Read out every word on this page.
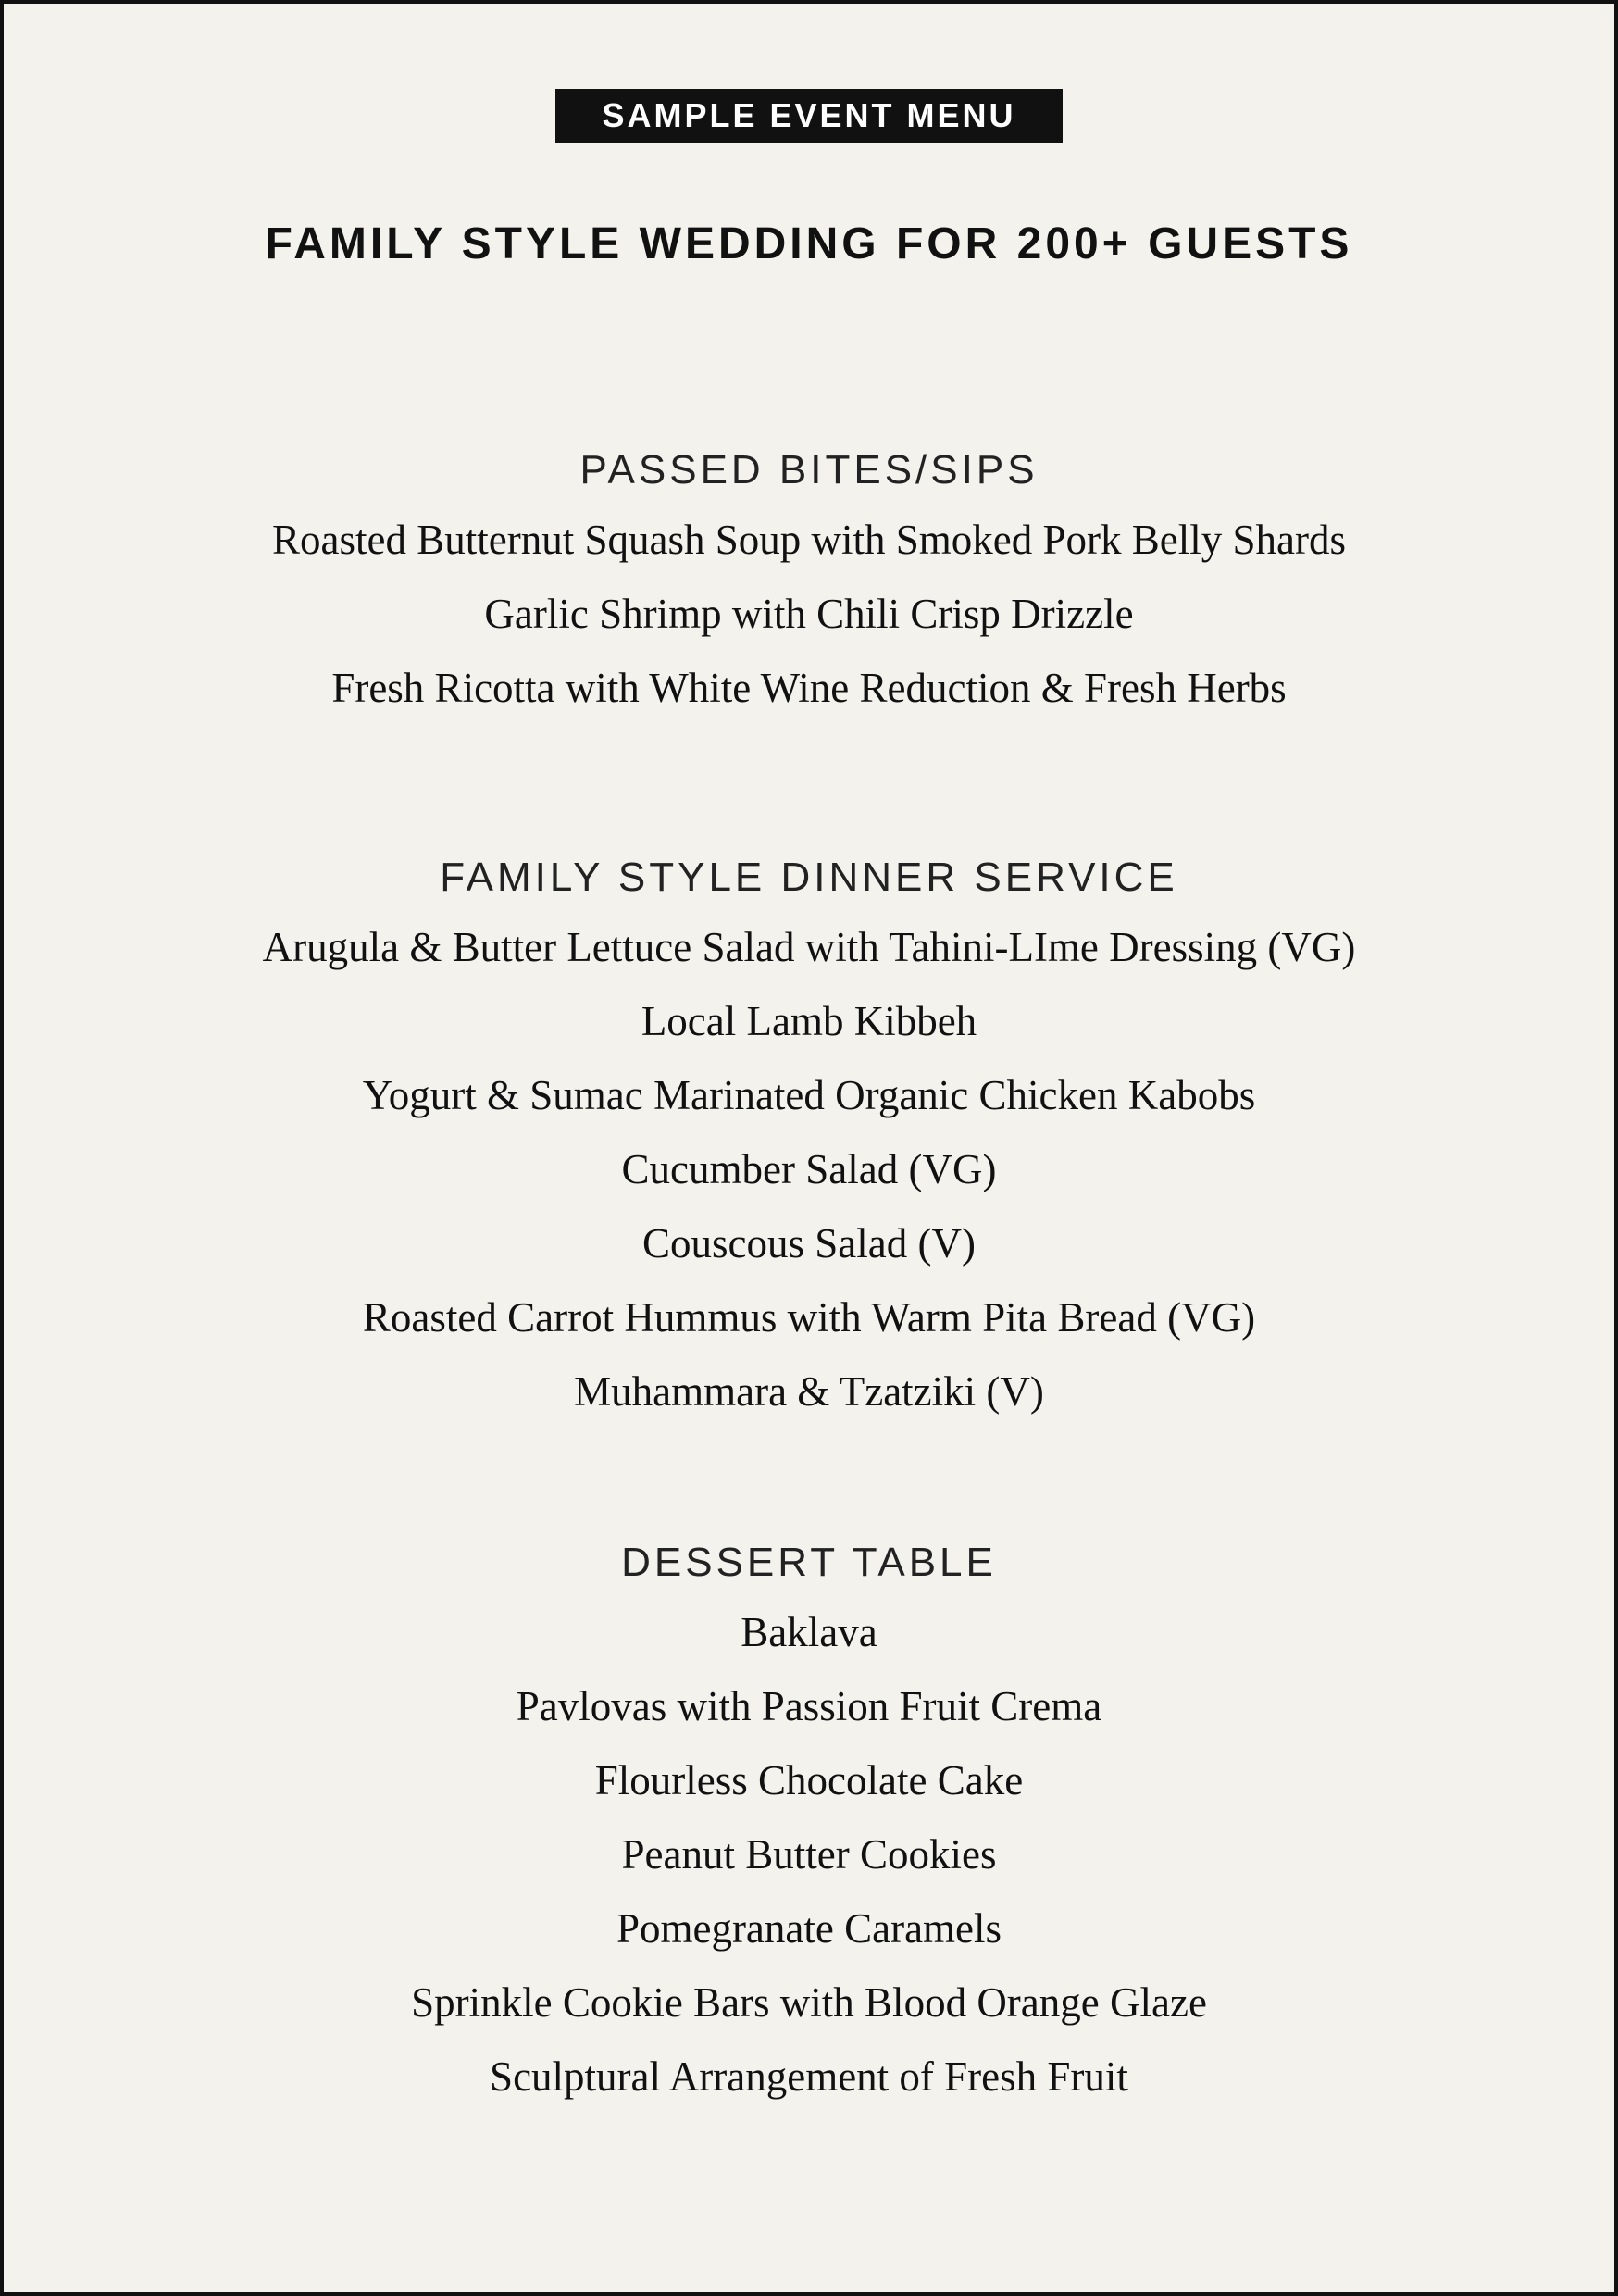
SAMPLE EVENT MENU
FAMILY STYLE WEDDING FOR 200+ GUESTS
PASSED BITES/SIPS

Roasted Butternut Squash Soup with Smoked Pork Belly Shards

Garlic Shrimp with Chili Crisp Drizzle

Fresh Ricotta with White Wine Reduction & Fresh Herbs

FAMILY STYLE DINNER SERVICE

Arugula & Butter Lettuce Salad with Tahini-LIme Dressing (VG)

Local Lamb Kibbeh

Yogurt & Sumac Marinated Organic Chicken Kabobs

Cucumber Salad (VG)

Couscous Salad (V)

Roasted Carrot Hummus with Warm Pita Bread (VG)

Muhammara & Tzatziki (V)

DESSERT TABLE

Baklava

Pavlovas with Passion Fruit Crema

Flourless Chocolate Cake

Peanut Butter Cookies

Pomegranate Caramels

Sprinkle Cookie Bars with Blood Orange Glaze

Sculptural Arrangement of Fresh Fruit
